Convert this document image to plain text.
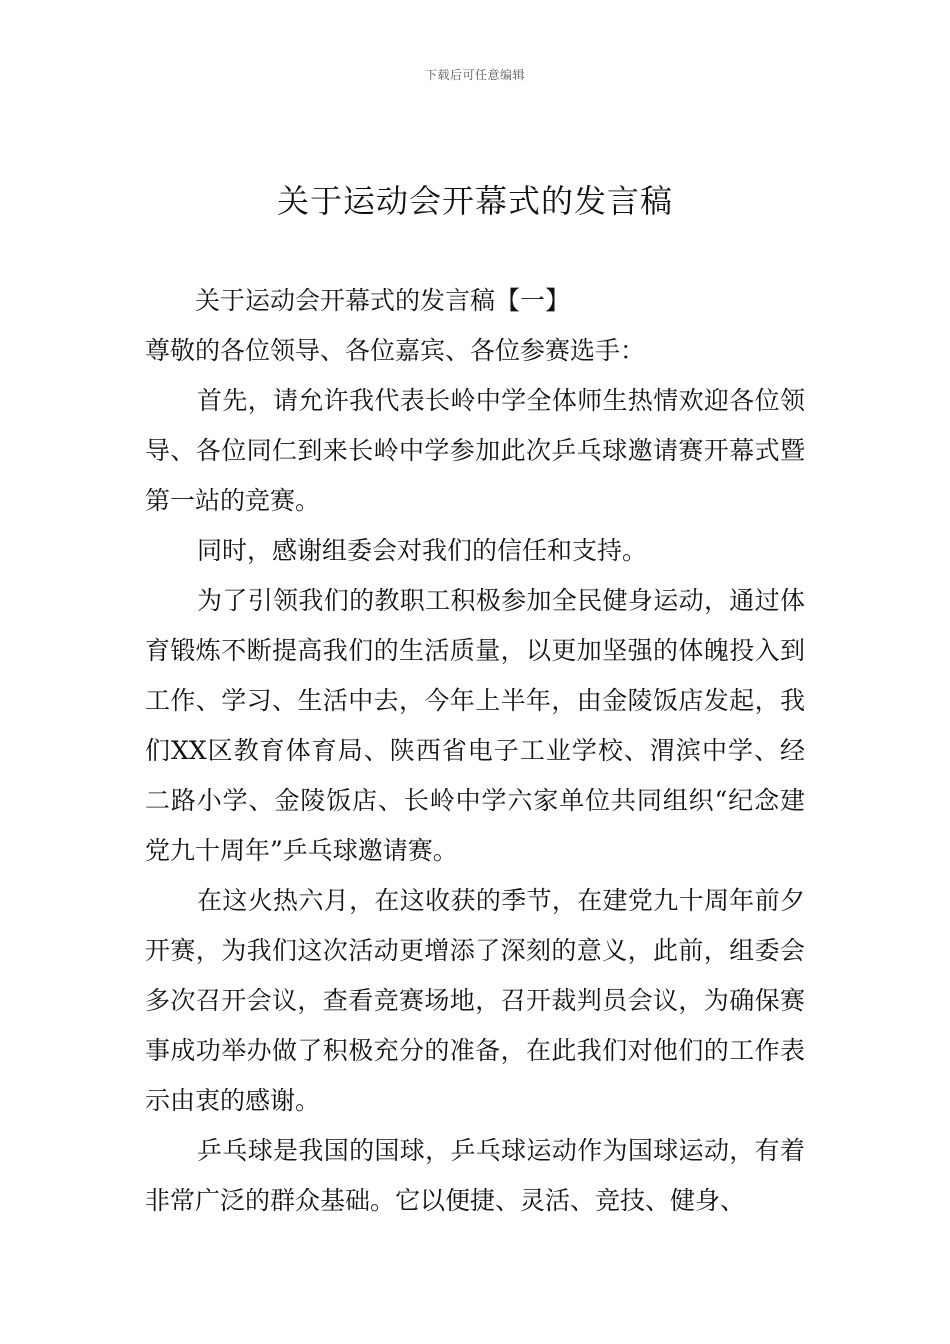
下载后可任意编辑
关于运动会开幕式的发言稿

关于运动会开幕式的发言稿【一】

尊敬的各位领导、各位嘉宾、各位参赛选手：

首先，请允许我代表长岭中学全体师生热情欢迎各位领导、各位同仁到来长岭中学参加此次乒乓球邀请赛开幕式暨第一站的竞赛。

同时，感谢组委会对我们的信任和支持。

为了引领我们的教职工积极参加全民健身运动，通过体育锻炼不断提高我们的生活质量，以更加坚强的体魄投入到工作、学习、生活中去，今年上半年，由金陵饭店发起，我们XX区教育体育局、陕西省电子工业学校、渭滨中学、经二路小学、金陵饭店、长岭中学六家单位共同组织“纪念建党九十周年”乒乓球邀请赛。

在这火热六月，在这收获的季节，在建党九十周年前夕开赛，为我们这次活动更增添了深刻的意义，此前，组委会多次召开会议，查看竞赛场地，召开裁判员会议，为确保赛事成功举办做了积极充分的准备，在此我们对他们的工作表示由衷的感谢。

乒乓球是我国的国球，乒乓球运动作为国球运动，有着非常广泛的群众基础。它以便捷、灵活、竞技、健身、
